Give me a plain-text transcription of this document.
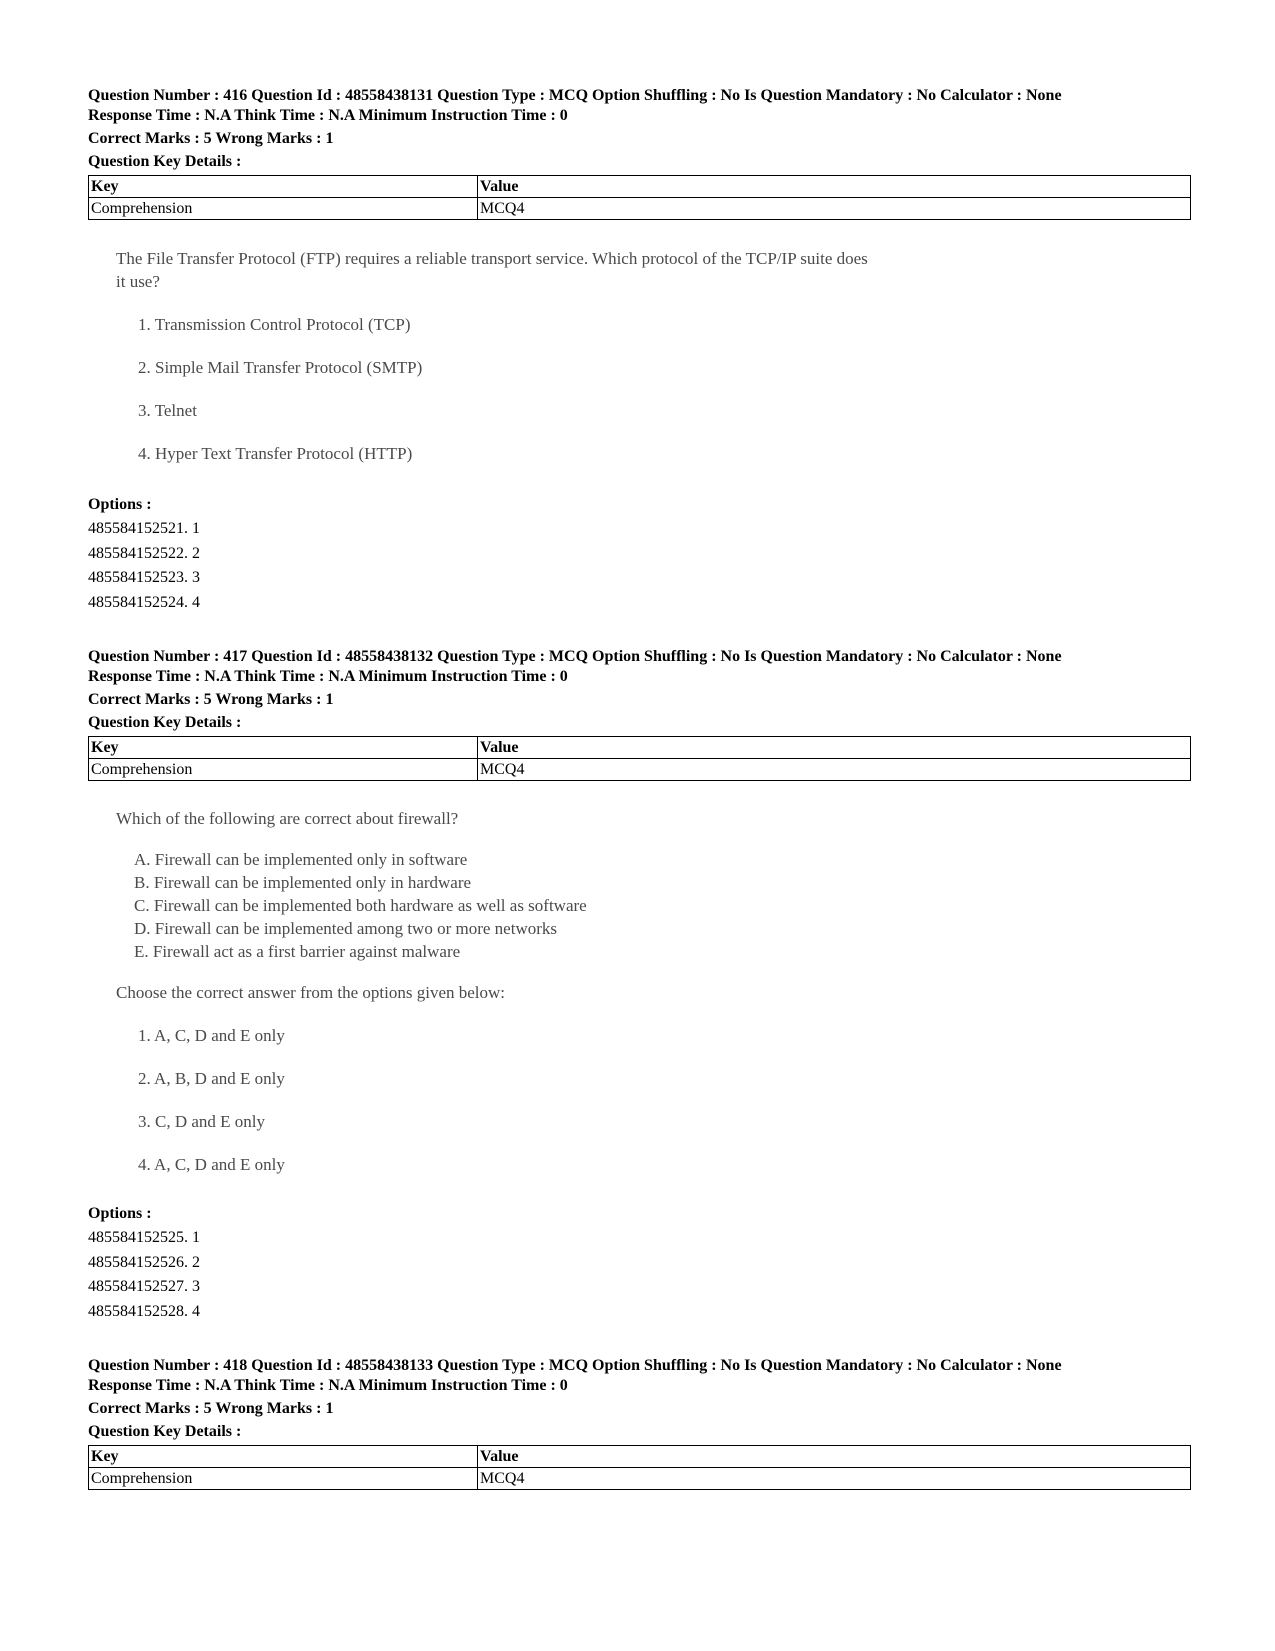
Question Number : 416 Question Id : 48558438131 Question Type : MCQ Option Shuffling : No Is Question Mandatory : No Calculator : None
Response Time : N.A Think Time : N.A Minimum Instruction Time : 0
Correct Marks : 5 Wrong Marks : 1
Question Key Details :
Key	Value
Comprehension	MCQ4
The File Transfer Protocol (FTP) requires a reliable transport service. Which protocol of the TCP/IP suite does
it use?
1. Transmission Control Protocol (TCP)
2. Simple Mail Transfer Protocol (SMTP)
3. Telnet
4. Hyper Text Transfer Protocol (HTTP)
Options :
485584152521. 1
485584152522. 2
485584152523. 3
485584152524. 4
Question Number : 417 Question Id : 48558438132 Question Type : MCQ Option Shuffling : No Is Question Mandatory : No Calculator : None
Response Time : N.A Think Time : N.A Minimum Instruction Time : 0
Correct Marks : 5 Wrong Marks : 1
Question Key Details :
Key	Value
Comprehension	MCQ4
Which of the following are correct about firewall?
A. Firewall can be implemented only in software
B. Firewall can be implemented only in hardware
C. Firewall can be implemented both hardware as well as software
D. Firewall can be implemented among two or more networks
E. Firewall act as a first barrier against malware
Choose the correct answer from the options given below:
1. A, C, D and E only
2. A, B, D and E only
3. C, D and E only
4. A, C, D and E only
Options :
485584152525. 1
485584152526. 2
485584152527. 3
485584152528. 4
Question Number : 418 Question Id : 48558438133 Question Type : MCQ Option Shuffling : No Is Question Mandatory : No Calculator : None
Response Time : N.A Think Time : N.A Minimum Instruction Time : 0
Correct Marks : 5 Wrong Marks : 1
Question Key Details :
Key	Value
Comprehension	MCQ4
